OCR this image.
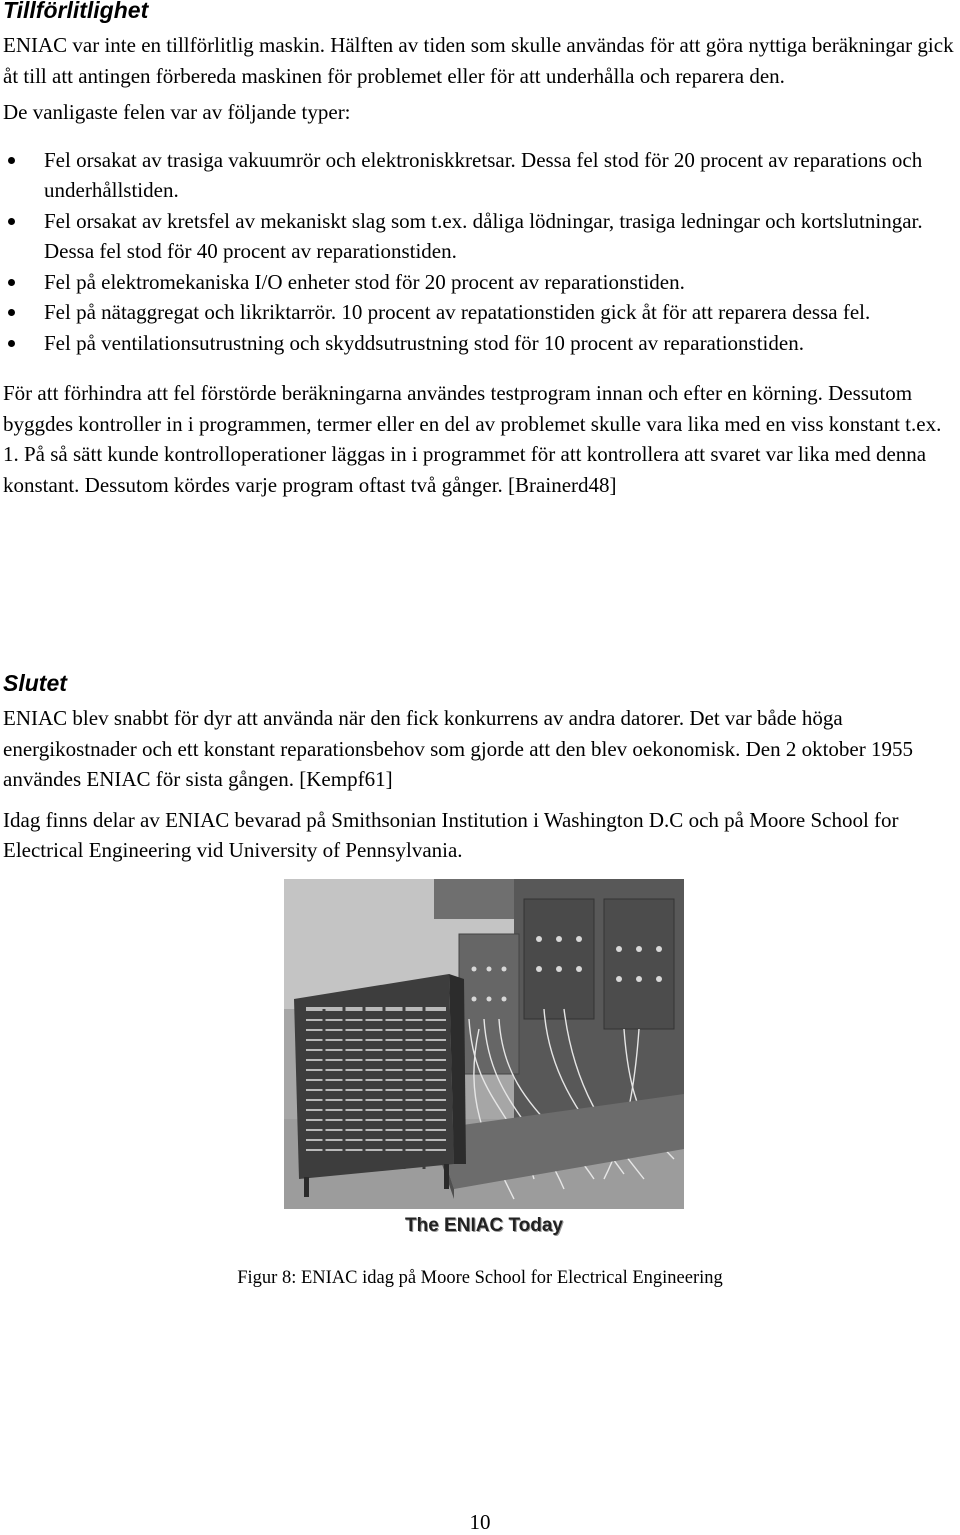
Tillförlitlighet

ENIAC var inte en tillförlitlig maskin. Hälften av tiden som skulle användas för att göra nyttiga beräkningar gick åt till att antingen förbereda maskinen för problemet eller för att underhålla och reparera den.

De vanligaste felen var av följande typer:

Fel orsakat av trasiga vakuumrör och elektroniskkretsar. Dessa fel stod för 20 procent av reparations och underhållstiden.
Fel orsakat av kretsfel av mekaniskt slag som t.ex. dåliga lödningar, trasiga ledningar och kortslutningar. Dessa fel stod för 40 procent av reparationstiden.
Fel på elektromekaniska I/O enheter stod för 20 procent av reparationstiden.
Fel på nätaggregat och likriktarrör. 10 procent av repatationstiden gick åt för att reparera dessa fel.
Fel på ventilationsutrustning och skyddsutrustning stod för 10 procent av reparationstiden.

För att förhindra att fel förstörde beräkningarna användes testprogram innan och efter en körning. Dessutom byggdes kontroller in i programmen, termer eller en del av problemet skulle vara lika med en viss konstant t.ex. 1. På så sätt kunde kontrolloperationer läggas in i programmet för att kontrollera att svaret var lika med denna konstant. Dessutom kördes varje program oftast två gånger. [Brainerd48]

Slutet

ENIAC blev snabbt för dyr att använda när den fick konkurrens av andra datorer. Det var både höga energikostnader och ett konstant reparationsbehov som gjorde att den blev oekonomisk. Den 2 oktober 1955 användes ENIAC för sista gången. [Kempf61]

Idag finns delar av ENIAC bevarad på Smithsonian Institution i Washington D.C och på Moore School for Electrical Engineering vid University of Pennsylvania.

The ENIAC Today
Figur 8: ENIAC idag på Moore School for Electrical Engineering
10
